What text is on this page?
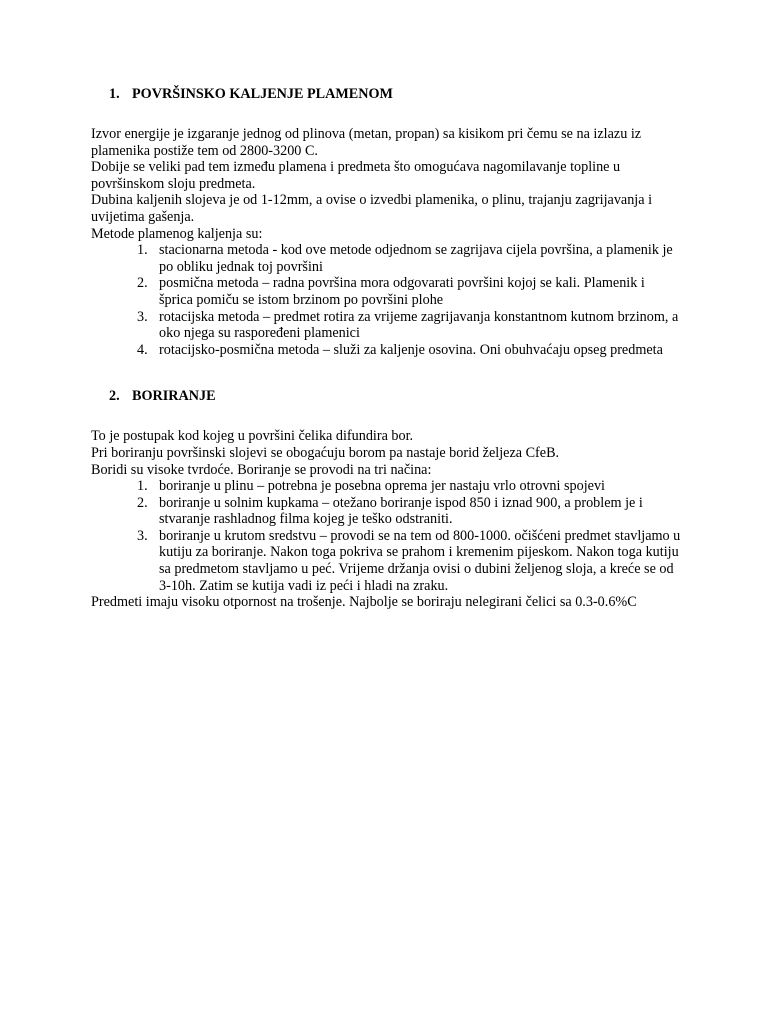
1. POVRŠINSKO KALJENJE PLAMENOM

Izvor energije je izgaranje jednog od plinova (metan, propan) sa kisikom pri čemu se na izlazu iz plamenika postiže tem od 2800-3200 C.

Dobije se veliki pad tem između plamena i predmeta što omogućava nagomilavanje topline u površinskom sloju predmeta.

Dubina kaljenih slojeva je od 1-12mm, a ovise o izvedbi plamenika, o plinu, trajanju zagrijavanja i uvijetima gašenja.

Metode plamenog kaljenja su:

1. stacionarna metoda - kod ove metode odjednom se zagrijava cijela površina, a plamenik je po obliku jednak toj površini
2. posmična metoda – radna površina mora odgovarati površini kojoj se kali. Plamenik i šprica pomiču se istom brzinom po površini plohe
3. rotacijska metoda – predmet rotira za vrijeme zagrijavanja konstantnom kutnom brzinom, a oko njega su raspoređeni plamenici
4. rotacijsko-posmična metoda – služi za kaljenje osovina. Oni obuhvaćaju opseg predmeta
2. BORIRANJE

To je postupak kod kojeg u površini čelika difundira bor.

Pri boriranju površinski slojevi se obogaćuju borom pa nastaje borid željeza CfeB.

Boridi su visoke tvrdoće. Boriranje se provodi na tri načina:

1. boriranje u plinu – potrebna je posebna oprema jer nastaju vrlo otrovni spojevi
2. boriranje u solnim kupkama – otežano boriranje ispod 850 i iznad 900, a problem je i stvaranje rashladnog filma kojeg je teško odstraniti.
3. boriranje u krutom sredstvu – provodi se na tem od 800-1000. očišćeni predmet stavljamo u kutiju za boriranje. Nakon toga pokriva se prahom i kremenim pijeskom. Nakon toga kutiju sa predmetom stavljamo u peć. Vrijeme držanja ovisi o dubini željenog sloja, a kreće se od 3-10h. Zatim se kutija vadi iz peći i hladi na zraku.

Predmeti imaju visoku otpornost na trošenje. Najbolje se boriraju nelegirani čelici sa 0.3-0.6%C
